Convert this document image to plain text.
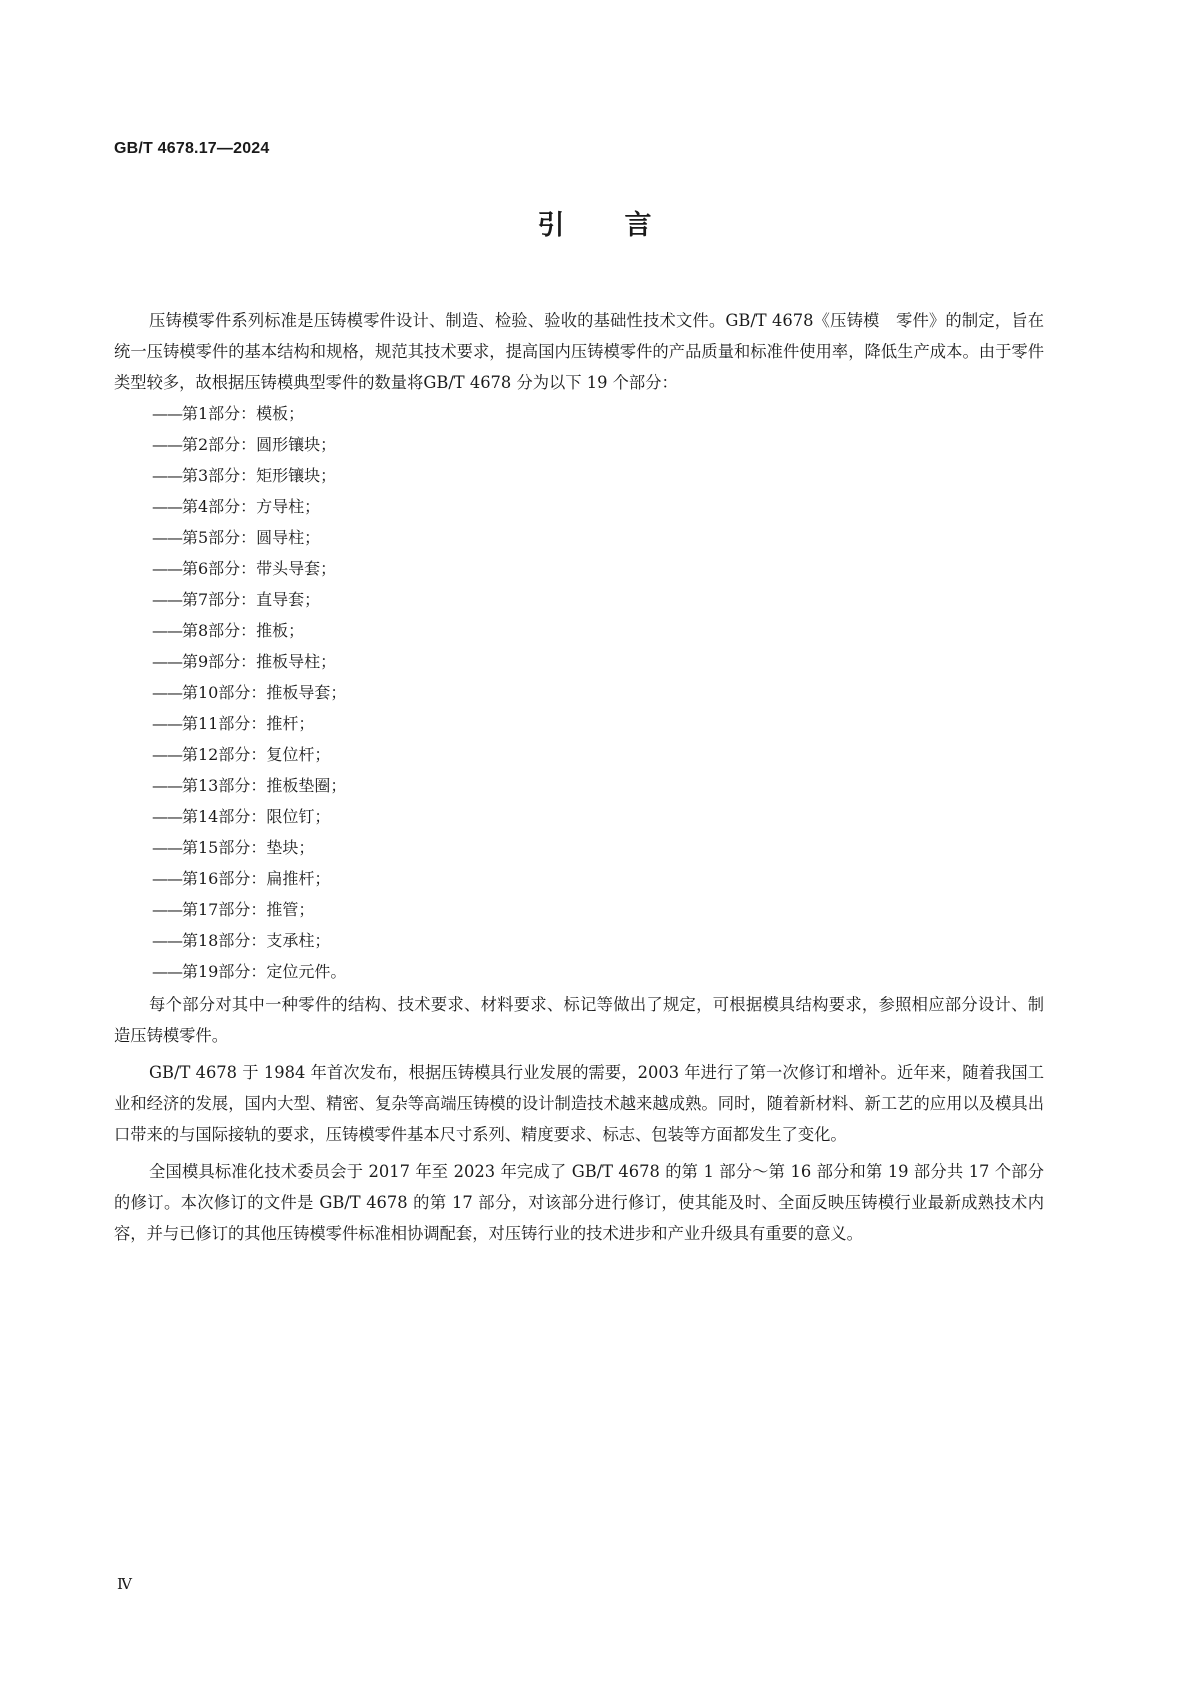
GB/T 4678.17—2024
引 言

压铸模零件系列标准是压铸模零件设计、制造、检验、验收的基础性技术文件。GB/T 4678《压铸模　零件》的制定，旨在统一压铸模零件的基本结构和规格，规范其技术要求，提高国内压铸模零件的产品质量和标准件使用率，降低生产成本。由于零件类型较多，故根据压铸模典型零件的数量将GB/T 4678 分为以下 19 个部分：

——第1部分：模板；
——第2部分：圆形镶块；
——第3部分：矩形镶块；
——第4部分：方导柱；
——第5部分：圆导柱；
——第6部分：带头导套；
——第7部分：直导套；
——第8部分：推板；
——第9部分：推板导柱；
——第10部分：推板导套；
——第11部分：推杆；
——第12部分：复位杆；
——第13部分：推板垫圈；
——第14部分：限位钉；
——第15部分：垫块；
——第16部分：扁推杆；
——第17部分：推管；
——第18部分：支承柱；
——第19部分：定位元件。

每个部分对其中一种零件的结构、技术要求、材料要求、标记等做出了规定，可根据模具结构要求，参照相应部分设计、制造压铸模零件。

GB/T 4678 于 1984 年首次发布，根据压铸模具行业发展的需要，2003 年进行了第一次修订和增补。近年来，随着我国工业和经济的发展，国内大型、精密、复杂等高端压铸模的设计制造技术越来越成熟。同时，随着新材料、新工艺的应用以及模具出口带来的与国际接轨的要求，压铸模零件基本尺寸系列、精度要求、标志、包装等方面都发生了变化。

全国模具标准化技术委员会于 2017 年至 2023 年完成了 GB/T 4678 的第 1 部分～第 16 部分和第 19 部分共 17 个部分的修订。本次修订的文件是 GB/T 4678 的第 17 部分，对该部分进行修订，使其能及时、全面反映压铸模行业最新成熟技术内容，并与已修订的其他压铸模零件标准相协调配套，对压铸行业的技术进步和产业升级具有重要的意义。

Ⅳ
